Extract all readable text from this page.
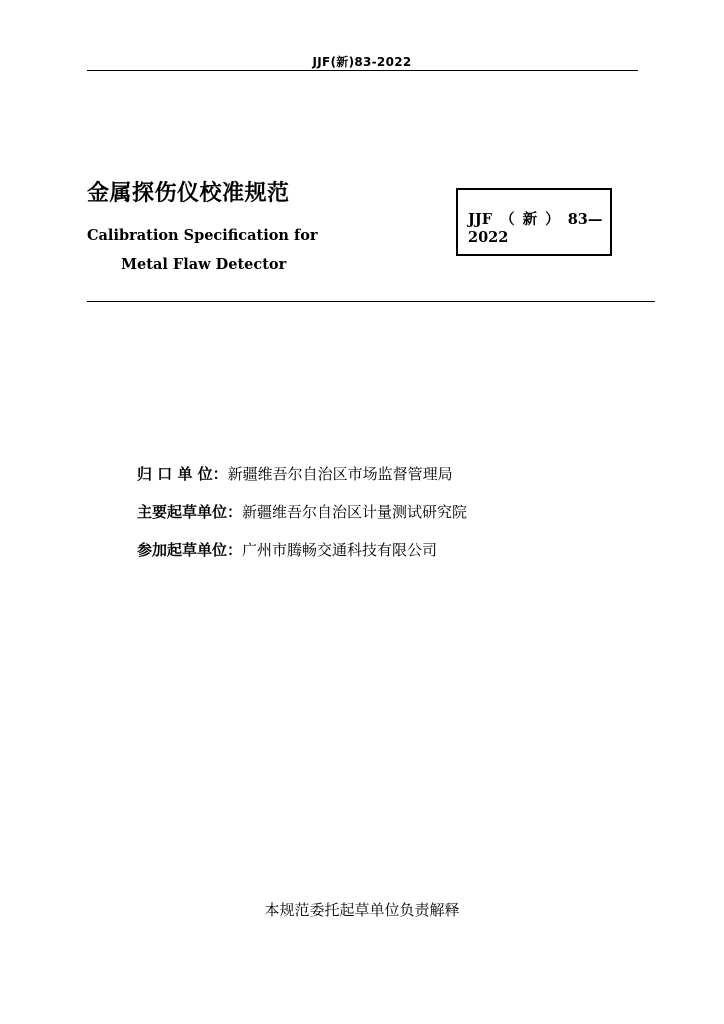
JJF(新)83-2022
金属探伤仪校准规范
Calibration Specification for
Metal Flaw Detector
JJF （ 新 ） 83—
2022
归 口 单 位：新疆维吾尔自治区市场监督管理局
主要起草单位：新疆维吾尔自治区计量测试研究院
参加起草单位：广州市腾畅交通科技有限公司
本规范委托起草单位负责解释
